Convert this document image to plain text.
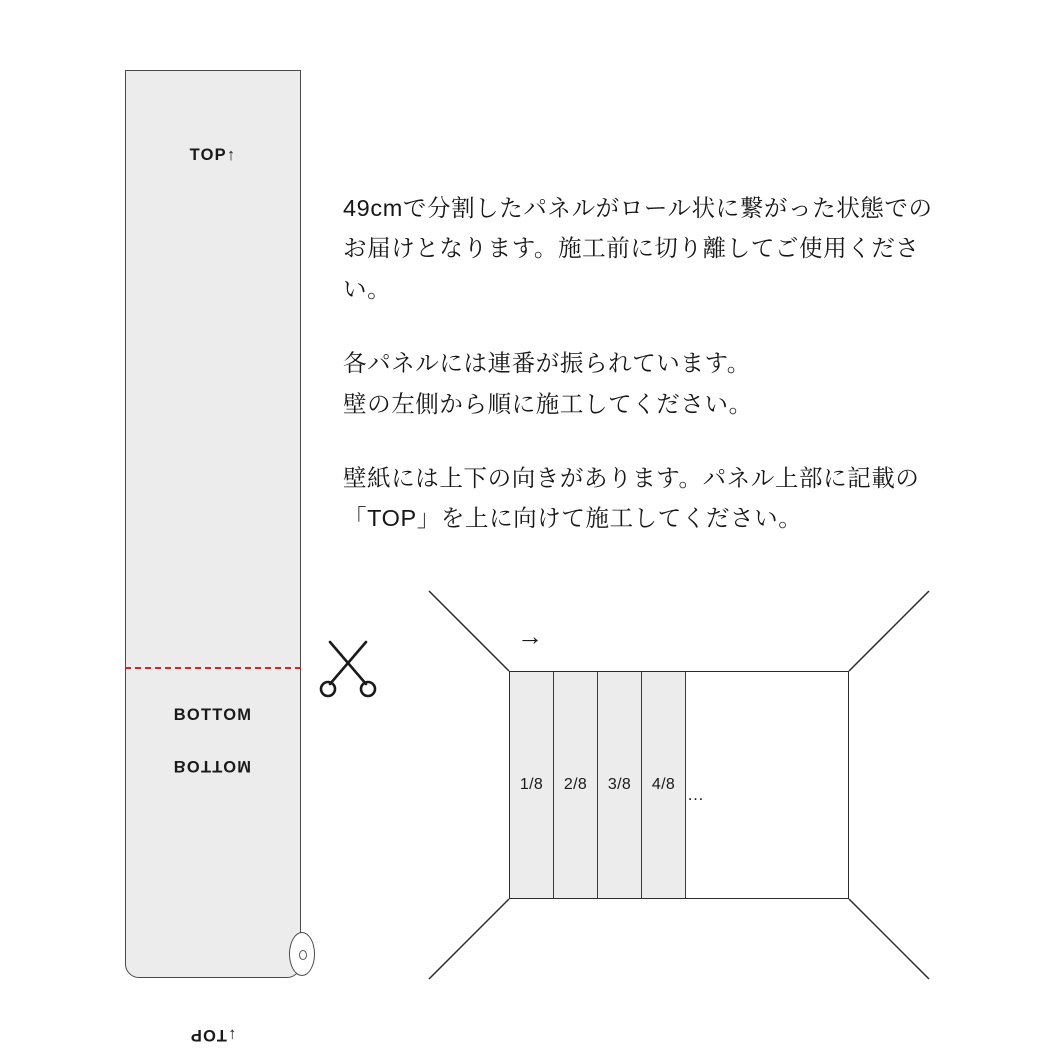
TOP↑
BOTTOM
BOTTOM
↓TOP

49cmで分割したパネルがロール状に繋がった状態でのお届けとなります。施工前に切り離してご使用ください。

各パネルには連番が振られています。
壁の左側から順に施工してください。

壁紙には上下の向きがあります。パネル上部に記載の
「TOP」を上に向けて施工してください。

1/8 2/8 3/8 4/8
…
→
